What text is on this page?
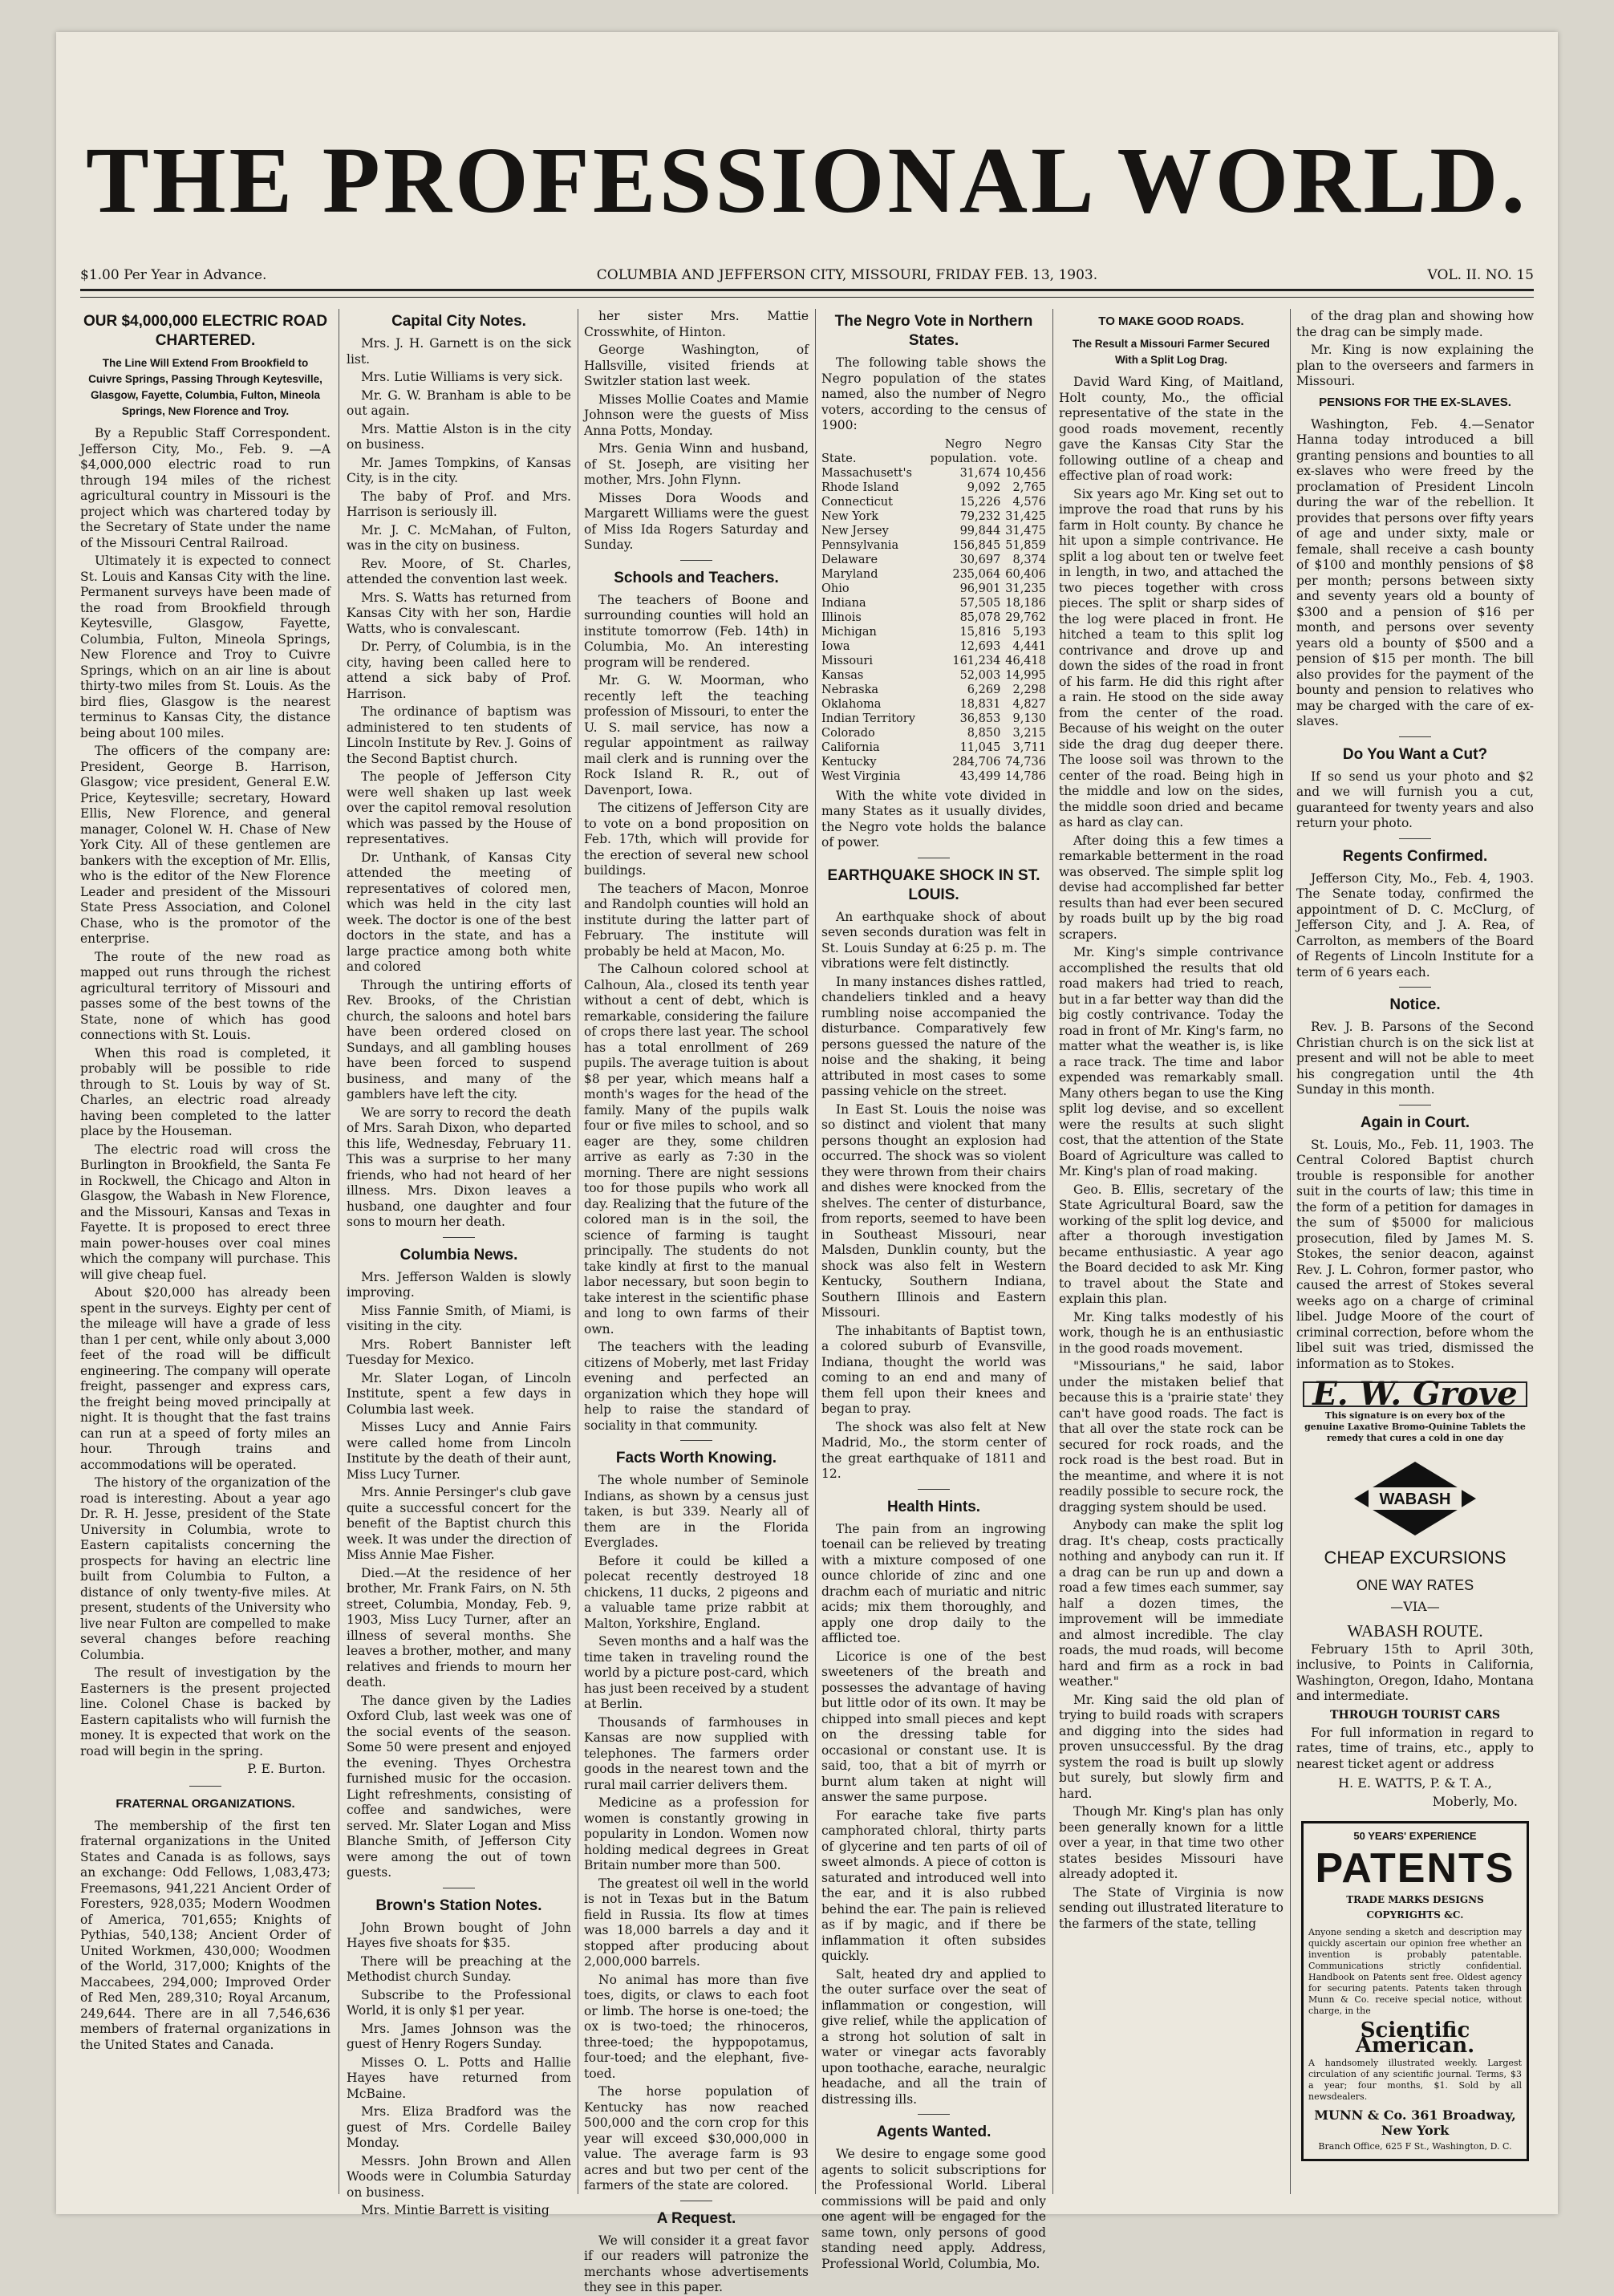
THE PROFESSIONAL WORLD.
$1.00 Per Year in Advance.	COLUMBIA AND JEFFERSON CITY, MISSOURI, FRIDAY FEB. 13, 1903.	VOL. II. NO. 15
OUR $4,000,000 ELECTRIC ROAD CHARTERED.
The Line Will Extend From Brookfield to Cuivre Springs, Passing Through Keytesville, Glasgow, Fayette, Columbia, Fulton, Mineola Springs, New Florence and Troy.

By a Republic Staff Correspondent. Jefferson City, Mo., Feb. 9. —A $4,000,000 electric road to run through 194 miles of the richest agricultural country in Missouri is the project which was chartered today by the Secretary of State under the name of the Missouri Central Railroad.

Ultimately it is expected to connect St. Louis and Kansas City with the line. Permanent surveys have been made of the road from Brookfield through Keytesville, Glasgow, Fayette, Columbia, Fulton, Mineola Springs, New Florence and Troy to Cuivre Springs, which on an air line is about thirty-two miles from St. Louis. As the bird flies, Glasgow is the nearest terminus to Kansas City, the distance being about 100 miles.

The officers of the company are: President, George B. Harrison, Glasgow; vice president, General E.W. Price, Keytesville; secretary, Howard Ellis, New Florence, and general manager, Colonel W. H. Chase of New York City. All of these gentlemen are bankers with the exception of Mr. Ellis, who is the editor of the New Florence Leader and president of the Missouri State Press Association, and Colonel Chase, who is the promotor of the enterprise.

The route of the new road as mapped out runs through the richest agricultural territory of Missouri and passes some of the best towns of the State, none of which has good connections with St. Louis.

When this road is completed, it probably will be possible to ride through to St. Louis by way of St. Charles, an electric road already having been completed to the latter place by the Houseman.

The electric road will cross the Burlington in Brookfield, the Santa Fe in Rockwell, the Chicago and Alton in Glasgow, the Wabash in New Florence, and the Missouri, Kansas and Texas in Fayette. It is proposed to erect three main power-houses over coal mines which the company will purchase. This will give cheap fuel.

About $20,000 has already been spent in the surveys. Eighty per cent of the mileage will have a grade of less than 1 per cent, while only about 3,000 feet of the road will be difficult engineering. The company will operate freight, passenger and express cars, the freight being moved principally at night. It is thought that the fast trains can run at a speed of forty miles an hour. Through trains and accommodations will be operated.

The history of the organization of the road is interesting. About a year ago Dr. R. H. Jesse, president of the State University in Columbia, wrote to Eastern capitalists concerning the prospects for having an electric line built from Columbia to Fulton, a distance of only twenty-five miles. At present, students of the University who live near Fulton are compelled to make several changes before reaching Columbia.

The result of investigation by the Easterners is the present projected line. Colonel Chase is backed by Eastern capitalists who will furnish the money. It is expected that work on the road will begin in the spring.

P. E. Burton.

FRATERNAL ORGANIZATIONS.

The membership of the first ten fraternal organizations in the United States and Canada is as follows, says an exchange: Odd Fellows, 1,083,473; Freemasons, 941,221 Ancient Order of Foresters, 928,035; Modern Woodmen of America, 701,655; Knights of Pythias, 540,138; Ancient Order of United Workmen, 430,000; Woodmen of the World, 317,000; Knights of the Maccabees, 294,000; Improved Order of Red Men, 289,310; Royal Arcanum, 249,644. There are in all 7,546,636 members of fraternal organizations in the United States and Canada.

Capital City Notes.

Mrs. J. H. Garnett is on the sick list.

Mrs. Lutie Williams is very sick.

Mr. G. W. Branham is able to be out again.

Mrs. Mattie Alston is in the city on business.

Mr. James Tompkins, of Kansas City, is in the city.

The baby of Prof. and Mrs. Harrison is seriously ill.

Mr. J. C. McMahan, of Fulton, was in the city on business.

Rev. Moore, of St. Charles, attended the convention last week.

Mrs. S. Watts has returned from Kansas City with her son, Hardie Watts, who is convalescant.

Dr. Perry, of Columbia, is in the city, having been called here to attend a sick baby of Prof. Harrison.

The ordinance of baptism was administered to ten students of Lincoln Institute by Rev. J. Goins of the Second Baptist church.

The people of Jefferson City were well shaken up last week over the capitol removal resolution which was passed by the House of representatives.

Dr. Unthank, of Kansas City attended the meeting of representatives of colored men, which was held in the city last week. The doctor is one of the best doctors in the state, and has a large practice among both white and colored

Through the untiring efforts of Rev. Brooks, of the Christian church, the saloons and hotel bars have been ordered closed on Sundays, and all gambling houses have been forced to suspend business, and many of the gamblers have left the city.

We are sorry to record the death of Mrs. Sarah Dixon, who departed this life, Wednesday, February 11. This was a surprise to her many friends, who had not heard of her illness. Mrs. Dixon leaves a husband, one daughter and four sons to mourn her death.

Columbia News.

Mrs. Jefferson Walden is slowly improving.

Miss Fannie Smith, of Miami, is visiting in the city.

Mrs. Robert Bannister left Tuesday for Mexico.

Mr. Slater Logan, of Lincoln Institute, spent a few days in Columbia last week.

Misses Lucy and Annie Fairs were called home from Lincoln Institute by the death of their aunt, Miss Lucy Turner.

Mrs. Annie Persinger's club gave quite a successful concert for the benefit of the Baptist church this week. It was under the direction of Miss Annie Mae Fisher.

Died.—At the residence of her brother, Mr. Frank Fairs, on N. 5th street, Columbia, Monday, Feb. 9, 1903, Miss Lucy Turner, after an illness of several months. She leaves a brother, mother, and many relatives and friends to mourn her death.

The dance given by the Ladies Oxford Club, last week was one of the social events of the season. Some 50 were present and enjoyed the evening. Thyes Orchestra furnished music for the occasion. Light refreshments, consisting of coffee and sandwiches, were served. Mr. Slater Logan and Miss Blanche Smith, of Jefferson City were among the out of town guests.

Brown's Station Notes.

John Brown bought of John Hayes five shoats for $35.

There will be preaching at the Methodist church Sunday.

Subscribe to the Professional World, it is only $1 per year.

Mrs. James Johnson was the guest of Henry Rogers Sunday.

Misses O. L. Potts and Hallie Hayes have returned from McBaine.

Mrs. Eliza Bradford was the guest of Mrs. Cordelle Bailey Monday.

Messrs. John Brown and Allen Woods were in Columbia Saturday on business.

Mrs. Mintie Barrett is visiting

her sister Mrs. Mattie Crosswhite, of Hinton.

George Washington, of Hallsville, visited friends at Switzler station last week.

Misses Mollie Coates and Mamie Johnson were the guests of Miss Anna Potts, Monday.

Mrs. Genia Winn and husband, of St. Joseph, are visiting her mother, Mrs. John Flynn.

Misses Dora Woods and Margarett Williams were the guest of Miss Ida Rogers Saturday and Sunday.

Schools and Teachers.

The teachers of Boone and surrounding counties will hold an institute tomorrow (Feb. 14th) in Columbia, Mo. An interesting program will be rendered.

Mr. G. W. Moorman, who recently left the teaching profession of Missouri, to enter the U. S. mail service, has now a regular appointment as railway mail clerk and is running over the Rock Island R. R., out of Davenport, Iowa.

The citizens of Jefferson City are to vote on a bond proposition on Feb. 17th, which will provide for the erection of several new school buildings.

The teachers of Macon, Monroe and Randolph counties will hold an institute during the latter part of February. The institute will probably be held at Macon, Mo.

The Calhoun colored school at Calhoun, Ala., closed its tenth year without a cent of debt, which is remarkable, considering the failure of crops there last year. The school has a total enrollment of 269 pupils. The average tuition is about $8 per year, which means half a month's wages for the head of the family. Many of the pupils walk four or five miles to school, and so eager are they, some children arrive as early as 7:30 in the morning. There are night sessions too for those pupils who work all day. Realizing that the future of the colored man is in the soil, the science of farming is taught principally. The students do not take kindly at first to the manual labor necessary, but soon begin to take interest in the scientific phase and long to own farms of their own.

The teachers with the leading citizens of Moberly, met last Friday evening and perfected an organization which they hope will help to raise the standard of sociality in that community.

Facts Worth Knowing.

The whole number of Seminole Indians, as shown by a census just taken, is but 339. Nearly all of them are in the Florida Everglades.

Before it could be killed a polecat recently destroyed 18 chickens, 11 ducks, 2 pigeons and a valuable tame prize rabbit at Malton, Yorkshire, England.

Seven months and a half was the time taken in traveling round the world by a picture post-card, which has just been received by a student at Berlin.

Thousands of farmhouses in Kansas are now supplied with telephones. The farmers order goods in the nearest town and the rural mail carrier delivers them.

Medicine as a profession for women is constantly growing in popularity in London. Women now holding medical degrees in Great Britain number more than 500.

The greatest oil well in the world is not in Texas but in the Batum field in Russia. Its flow at times was 18,000 barrels a day and it stopped after producing about 2,000,000 barrels.

No animal has more than five toes, digits, or claws to each foot or limb. The horse is one-toed; the ox is two-toed; the rhinoceros, three-toed; the hyppopotamus, four-toed; and the elephant, five-toed.

The horse population of Kentucky has now reached 500,000 and the corn crop for this year will exceed $30,000,000 in value. The average farm is 93 acres and but two per cent of the farmers of the state are colored.

A Request.

We will consider it a great favor if our readers will patronize the merchants whose advertisements they see in this paper.

The Negro Vote in Northern States.

The following table shows the Negro population of the states named, also the number of Negro voters, according to the census of 1900:

	Negro	Negro
State.	population.	vote.
Massachusett's	31,674	10,456
Rhode Island	9,092	2,765
Connecticut	15,226	4,576
New York	79,232	31,425
New Jersey	99,844	31,475
Pennsylvania	156,845	51,859
Delaware	30,697	8,374
Maryland	235,064	60,406
Ohio	96,901	31,235
Indiana	57,505	18,186
Illinois	85,078	29,762
Michigan	15,816	5,193
Iowa	12,693	4,441
Missouri	161,234	46,418
Kansas	52,003	14,995
Nebraska	6,269	2,298
Oklahoma	18,831	4,827
Indian Territory	36,853	9,130
Colorado	8,850	3,215
California	11,045	3,711
Kentucky	284,706	74,736
West Virginia	43,499	14,786

With the white vote divided in many States as it usually divides, the Negro vote holds the balance of power.

EARTHQUAKE SHOCK IN ST. LOUIS.

An earthquake shock of about seven seconds duration was felt in St. Louis Sunday at 6:25 p. m. The vibrations were felt distinctly.

In many instances dishes rattled, chandeliers tinkled and a heavy rumbling noise accompanied the disturbance. Comparatively few persons guessed the nature of the noise and the shaking, it being attributed in most cases to some passing vehicle on the street.

In East St. Louis the noise was so distinct and violent that many persons thought an explosion had occurred. The shock was so violent they were thrown from their chairs and dishes were knocked from the shelves. The center of disturbance, from reports, seemed to have been in Southeast Missouri, near Malsden, Dunklin county, but the shock was also felt in Western Kentucky, Southern Indiana, Southern Illinois and Eastern Missouri.

The inhabitants of Baptist town, a colored suburb of Evansville, Indiana, thought the world was coming to an end and many of them fell upon their knees and began to pray.

The shock was also felt at New Madrid, Mo., the storm center of the great earthquake of 1811 and 12.

Health Hints.

The pain from an ingrowing toenail can be relieved by treating with a mixture composed of one ounce chloride of zinc and one drachm each of muriatic and nitric acids; mix them thoroughly, and apply one drop daily to the afflicted toe.

Licorice is one of the best sweeteners of the breath and possesses the advantage of having but little odor of its own. It may be chipped into small pieces and kept on the dressing table for occasional or constant use. It is said, too, that a bit of myrrh or burnt alum taken at night will answer the same purpose.

For earache take five parts camphorated chloral, thirty parts of glycerine and ten parts of oil of sweet almonds. A piece of cotton is saturated and introduced well into the ear, and it is also rubbed behind the ear. The pain is relieved as if by magic, and if there be inflammation it often subsides quickly.

Salt, heated dry and applied to the outer surface over the seat of inflammation or congestion, will give relief, while the application of a strong hot solution of salt in water or vinegar acts favorably upon toothache, earache, neuralgic headache, and all the train of distressing ills.

Agents Wanted.

We desire to engage some good agents to solicit subscriptions for the Professional World. Liberal commissions will be paid and only one agent will be engaged for the same town, only persons of good standing need apply. Address, Professional World, Columbia, Mo.

TO MAKE GOOD ROADS.
The Result a Missouri Farmer Secured With a Split Log Drag.

David Ward King, of Maitland, Holt county, Mo., the official representative of the state in the good roads movement, recently gave the Kansas City Star the following outline of a cheap and effective plan of road work:

Six years ago Mr. King set out to improve the road that runs by his farm in Holt county. By chance he hit upon a simple contrivance. He split a log about ten or twelve feet in length, in two, and attached the two pieces together with cross pieces. The split or sharp sides of the log were placed in front. He hitched a team to this split log contrivance and drove up and down the sides of the road in front of his farm. He did this right after a rain. He stood on the side away from the center of the road. Because of his weight on the outer side the drag dug deeper there. The loose soil was thrown to the center of the road. Being high in the middle and low on the sides, the middle soon dried and became as hard as clay can.

After doing this a few times a remarkable betterment in the road was observed. The simple split log devise had accomplished far better results than had ever been secured by roads built up by the big road scrapers.

Mr. King's simple contrivance accomplished the results that old road makers had tried to reach, but in a far better way than did the big costly contrivance. Today the road in front of Mr. King's farm, no matter what the weather is, is like a race track. The time and labor expended was remarkably small. Many others began to use the King split log devise, and so excellent were the results at such slight cost, that the attention of the State Board of Agriculture was called to Mr. King's plan of road making.

Geo. B. Ellis, secretary of the State Agricultural Board, saw the working of the split log device, and after a thorough investigation became enthusiastic. A year ago the Board decided to ask Mr. King to travel about the State and explain this plan.

Mr. King talks modestly of his work, though he is an enthusiastic in the good roads movement.

"Missourians," he said, labor under the mistaken belief that because this is a 'prairie state' they can't have good roads. The fact is that all over the state rock can be secured for rock roads, and the rock road is the best road. But in the meantime, and where it is not readily possible to secure rock, the dragging system should be used.

Anybody can make the split log drag. It's cheap, costs practically nothing and anybody can run it. If a drag can be run up and down a road a few times each summer, say half a dozen times, the improvement will be immediate and almost incredible. The clay roads, the mud roads, will become hard and firm as a rock in bad weather."

Mr. King said the old plan of trying to build roads with scrapers and digging into the sides had proven unsuccessful. By the drag system the road is built up slowly but surely, but slowly firm and hard.

Though Mr. King's plan has only been generally known for a little over a year, in that time two other states besides Missouri have already adopted it.

The State of Virginia is now sending out illustrated literature to the farmers of the state, telling

of the drag plan and showing how the drag can be simply made.

Mr. King is now explaining the plan to the overseers and farmers in Missouri.

PENSIONS FOR THE EX-SLAVES.

Washington, Feb. 4.—Senator Hanna today introduced a bill granting pensions and bounties to all ex-slaves who were freed by the proclamation of President Lincoln during the war of the rebellion. It provides that persons over fifty years of age and under sixty, male or female, shall receive a cash bounty of $100 and monthly pensions of $8 per month; persons between sixty and seventy years old a bounty of $300 and a pension of $16 per month, and persons over seventy years old a bounty of $500 and a pension of $15 per month. The bill also provides for the payment of the bounty and pension to relatives who may be charged with the care of ex-slaves.

Do You Want a Cut?

If so send us your photo and $2 and we will furnish you a cut, guaranteed for twenty years and also return your photo.

Regents Confirmed.

Jefferson City, Mo., Feb. 4, 1903. The Senate today, confirmed the appointment of D. C. McClurg, of Jefferson City, and J. A. Rea, of Carrolton, as members of the Board of Regents of Lincoln Institute for a term of 6 years each.

Notice.

Rev. J. B. Parsons of the Second Christian church is on the sick list at present and will not be able to meet his congregation until the 4th Sunday in this month.

Again in Court.

St. Louis, Mo., Feb. 11, 1903. The Central Colored Baptist church trouble is responsible for another suit in the courts of law; this time in the form of a petition for damages in the sum of $5000 for malicious prosecution, filed by James M. S. Stokes, the senior deacon, against Rev. J. L. Cohron, former pastor, who caused the arrest of Stokes several weeks ago on a charge of criminal libel. Judge Moore of the court of criminal correction, before whom the libel suit was tried, dismissed the information as to Stokes.

E. W. Grove
This signature is on every box of the genuine Laxative Bromo-Quinine Tablets the remedy that cures a cold in one day
WABASH
CHEAP EXCURSIONS
ONE WAY RATES
—VIA—
WABASH ROUTE.

February 15th to April 30th, inclusive, to Points in California, Washington, Oregon, Idaho, Montana and intermediate.

THROUGH TOURIST CARS

For full information in regard to rates, time of trains, etc., apply to nearest ticket agent or address

H. E. WATTS, P. & T. A.,
Moberly, Mo.
50 YEARS' EXPERIENCE
PATENTS
TRADE MARKS DESIGNS COPYRIGHTS &C.
Anyone sending a sketch and description may quickly ascertain our opinion free whether an invention is probably patentable. Communications strictly confidential. Handbook on Patents sent free. Oldest agency for securing patents. Patents taken through Munn & Co. receive special notice, without charge, in the
Scientific American.
A handsomely illustrated weekly. Largest circulation of any scientific journal. Terms, $3 a year; four months, $1. Sold by all newsdealers.
MUNN & Co. 361 Broadway, New York
Branch Office, 625 F St., Washington, D. C.
